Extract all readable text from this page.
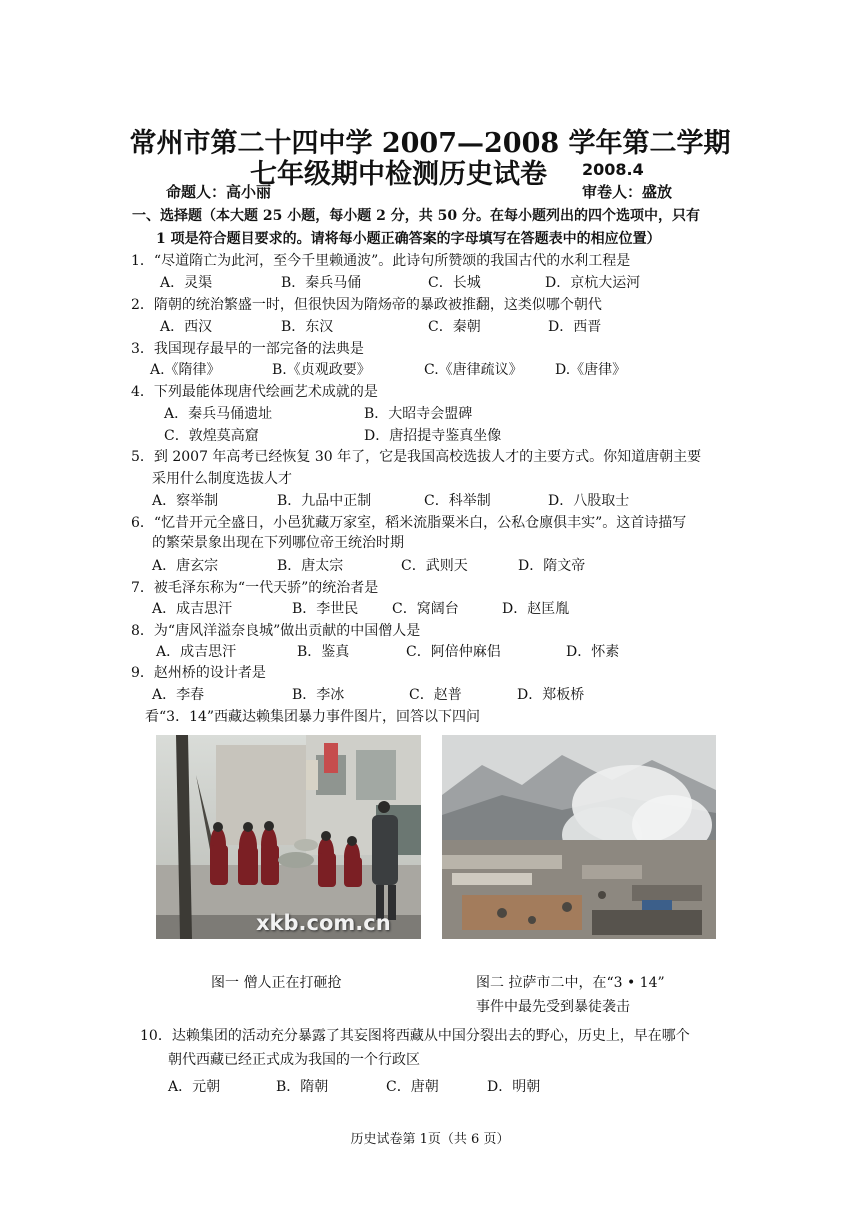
常州市第二十四中学 2007—2008 学年第二学期
七年级期中检测历史试卷 2008.4
命题人：高小丽	审卷人：盛放
一、选择题（本大题 25 小题，每小题 2 分，共 50 分。在每小题列出的四个选项中，只有
1 项是符合题目要求的。请将每小题正确答案的字母填写在答题表中的相应位置）
1．“尽道隋亡为此河，至今千里赖通波”。此诗句所赞颂的我国古代的水利工程是
A．灵渠	B．秦兵马俑	C．长城	D．京杭大运河
2．隋朝的统治繁盛一时，但很快因为隋炀帝的暴政被推翻，这类似哪个朝代
A．西汉	B．东汉	C．秦朝	D．西晋
3．我国现存最早的一部完备的法典是
A.《隋律》	B.《贞观政要》	C.《唐律疏议》 D.《唐律》
4．下列最能体现唐代绘画艺术成就的是
A．秦兵马俑遗址	B．大昭寺会盟碑
C．敦煌莫高窟	D．唐招提寺鉴真坐像
5．到 2007 年高考已经恢复 30 年了，它是我国高校选拔人才的主要方式。你知道唐朝主要
采用什么制度选拔人才
A．察举制	B．九品中正制	C．科举制	D．八股取士
6．“忆昔开元全盛日，小邑犹藏万家室，稻米流脂粟米白，公私仓廪俱丰实”。这首诗描写
的繁荣景象出现在下列哪位帝王统治时期
A．唐玄宗	B．唐太宗	C．武则天	D．隋文帝
7．被毛泽东称为“一代天骄”的统治者是
A．成吉思汗	B．李世民 C．窝阔台	D．赵匡胤
8．为“唐风洋溢奈良城”做出贡献的中国僧人是
A．成吉思汗	B．鉴真	C．阿倍仲麻侣	D．怀素
9．赵州桥的设计者是
A．李春	B．李冰	C．赵普	D．郑板桥
看“3．14”西藏达赖集团暴力事件图片，回答以下四问
xkb.com.cn
图一 僧人正在打砸抢	图二 拉萨市二中，在“3 • 14”
事件中最先受到暴徒袭击
10．达赖集团的活动充分暴露了其妄图将西藏从中国分裂出去的野心，历史上，早在哪个
朝代西藏已经正式成为我国的一个行政区
A．元朝	B．隋朝	C．唐朝	D．明朝
历史试卷第 1页（共 6 页）
